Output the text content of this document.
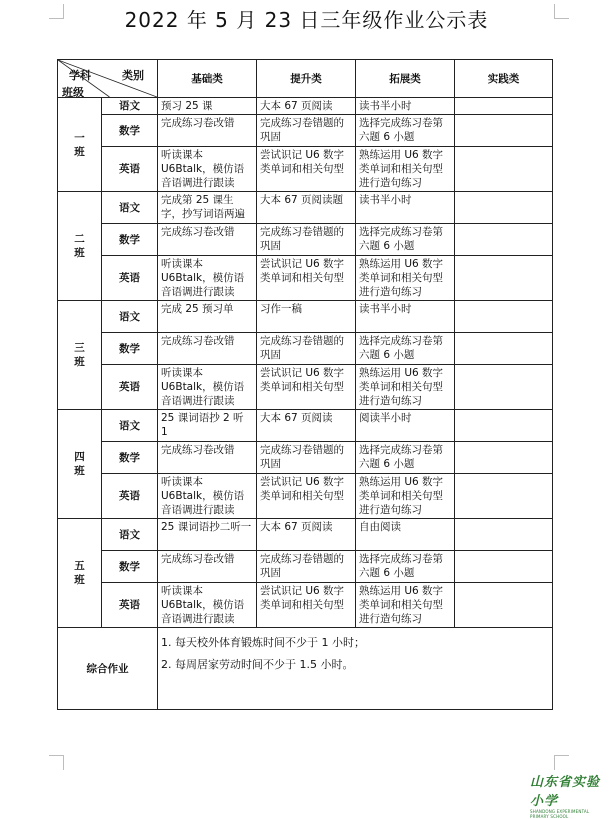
2022 年 5 月 23 日三年级作业公示表
学科 类别
班级		基础类	提升类	拓展类	实践类
一
班	语文	预习 25 课	大本 67 页阅读	读书半小时	
	数学	完成练习卷改错	完成练习卷错题的巩固	选择完成练习卷第六题 6 小题	
	英语	听读课本U6Btalk，模仿语音语调进行跟读	尝试识记 U6 数字类单词和相关句型	熟练运用 U6 数字类单词和相关句型进行造句练习	
二
班	语文	完成第 25 课生字，抄写词语两遍	大本 67 页阅读题	读书半小时	
	数学	完成练习卷改错	完成练习卷错题的巩固	选择完成练习卷第六题 6 小题	
	英语	听读课本U6Btalk，模仿语音语调进行跟读	尝试识记 U6 数字类单词和相关句型	熟练运用 U6 数字类单词和相关句型进行造句练习	
三
班	语文	完成 25 预习单	习作一稿	读书半小时	
	数学	完成练习卷改错	完成练习卷错题的巩固	选择完成练习卷第六题 6 小题	
	英语	听读课本U6Btalk，模仿语音语调进行跟读	尝试识记 U6 数字类单词和相关句型	熟练运用 U6 数字类单词和相关句型进行造句练习	
四
班	语文	25 课词语抄 2 听 1	大本 67 页阅读	阅读半小时	
	数学	完成练习卷改错	完成练习卷错题的巩固	选择完成练习卷第六题 6 小题	
	英语	听读课本U6Btalk，模仿语音语调进行跟读	尝试识记 U6 数字类单词和相关句型	熟练运用 U6 数字类单词和相关句型进行造句练习	
五
班	语文	25 课词语抄二听一	大本 67 页阅读	自由阅读	
	数学	完成练习卷改错	完成练习卷错题的巩固	选择完成练习卷第六题 6 小题	
	英语	听读课本U6Btalk，模仿语音语调进行跟读	尝试识记 U6 数字类单词和相关句型	熟练运用 U6 数字类单词和相关句型进行造句练习	
综合作业		1. 每天校外体育锻炼时间不少于 1 小时；
2. 每周居家劳动时间不少于 1.5 小时。			
山东省实验小学
SHANDONG EXPERIMENTAL PRIMARY SCHOOL
